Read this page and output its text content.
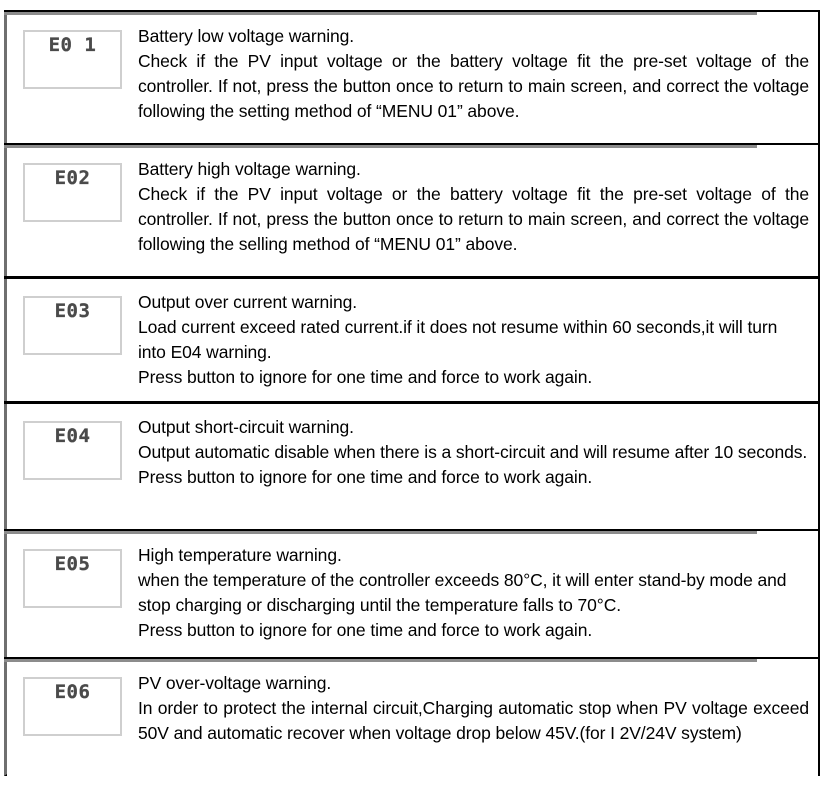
E0 1 Battery low voltage warning.
Check if the PV input voltage or the battery voltage fit the pre-set voltage of the controller. If not, press the button once to return to main screen, and correct the voltage following the setting method of “MENU 01” above.
E02	Battery high voltage warning.
Check if the PV input voltage or the battery voltage fit the pre-set voltage of the controller. If not, press the button once to return to main screen, and correct the voltage following the selling method of “MENU 01” above.
E03	Output over current warning.
Load current exceed rated current.if it does not resume within 60 seconds,it will turn into E04 warning.
Press button to ignore for one time and force to work again.
E04	Output short-circuit warning.
Output automatic disable when there is a short-circuit and will resume after 10 seconds.
Press button to ignore for one time and force to work again.
E05	High temperature warning.
when the temperature of the controller exceeds 80°C, it will enter stand-by mode and stop charging or discharging until the temperature falls to 70°C.
Press button to ignore for one time and force to work again.
E06	PV over-voltage warning.
In order to protect the internal circuit,Charging automatic stop when PV voltage exceed 50V and automatic recover when voltage drop below 45V.(for I 2V/24V system)
